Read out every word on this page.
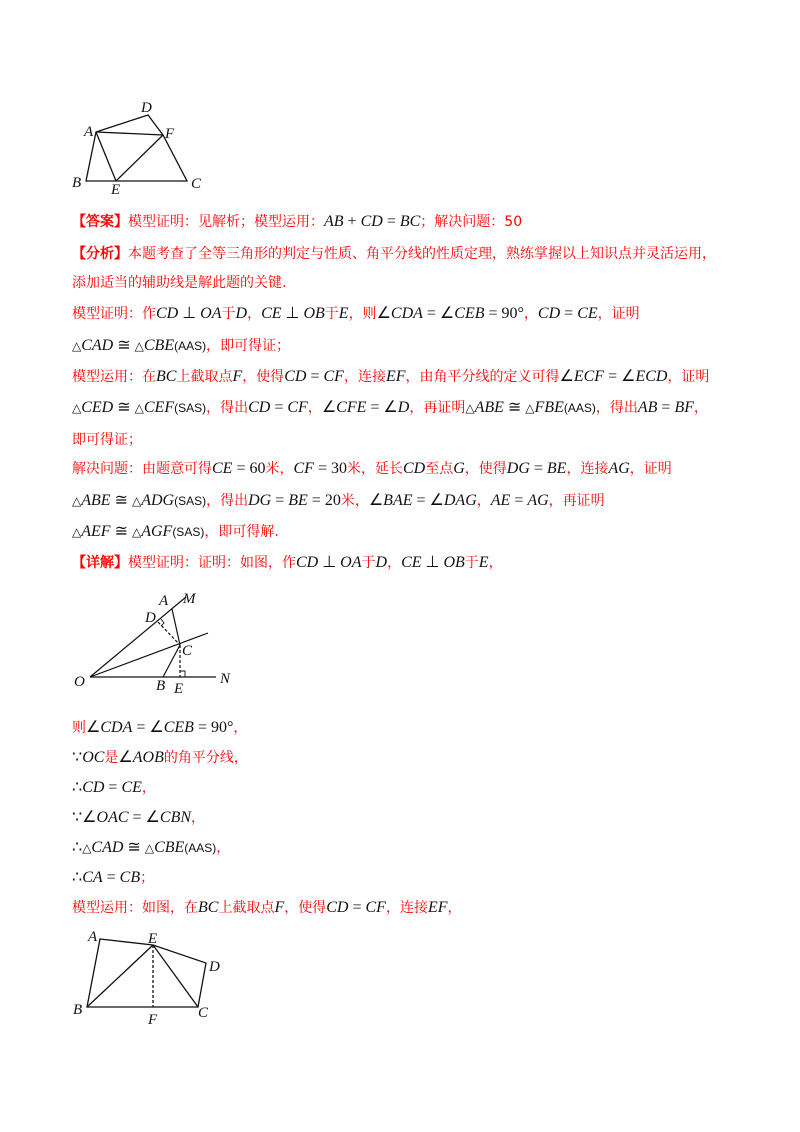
D
A	F
B E	C
【答案】模型证明：见解析；模型运用：AB + CD = BC；解决问题：50
【分析】本题考查了全等三角形的判定与性质、角平分线的性质定理，熟练掌握以上知识点并灵活运用，
添加适当的辅助线是解此题的关键.
模型证明：作CD ⊥ OA于D，CE ⊥ OB于E，则∠CDA = ∠CEB = 90°，CD = CE，证明
△CAD ≅ △CBE(AAS)，即可得证；
模型运用：在BC上截取点F，使得CD = CF，连接EF，由角平分线的定义可得∠ECF = ∠ECD，证明
△CED ≅ △CEF(SAS)，得出CD = CF，∠CFE = ∠D，再证明△ABE ≅ △FBE(AAS)，得出AB = BF，
即可得证；
解决问题：由题意可得CE = 60米，CF = 30米，延长CD至点G，使得DG = BE，连接AG，证明
△ABE ≅ △ADG(SAS)，得出DG = BE = 20米，∠BAE = ∠DAG，AE = AG，再证明
△AEF ≅ △AGF(SAS)，即可得解.
【详解】模型证明：证明：如图，作CD ⊥ OA于D，CE ⊥ OB于E，
A M
D
C
O	B E
N
则∠CDA = ∠CEB = 90°，
∵OC是∠AOB的角平分线，
∴CD = CE，
∵∠OAC = ∠CBN，
∴△CAD ≅ △CBE(AAS)，
∴CA = CB；
模型运用：如图，在BC上截取点F，使得CD = CF，连接EF，
A	E
D
B
F	C
